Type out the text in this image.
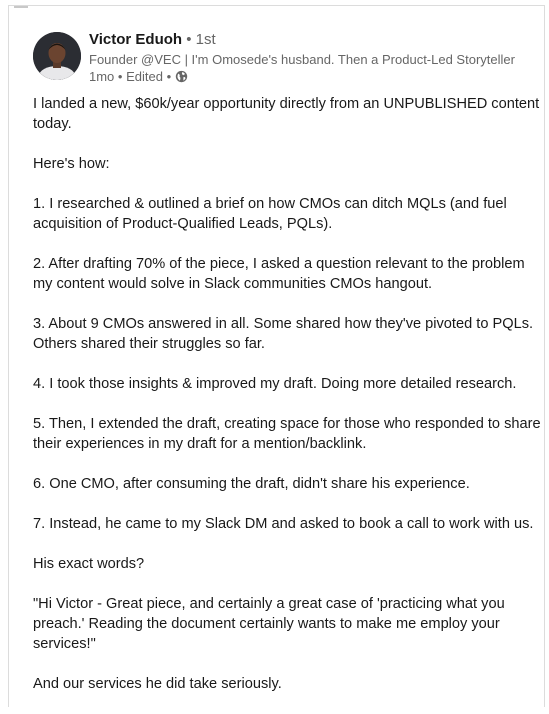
Victor Eduoh • 1st
Founder @VEC | I'm Omosede's husband. Then a Product-Led Storyteller
1mo • Edited •

I landed a new, $60k/year opportunity directly from an UNPUBLISHED content
today.

Here's how:

1. I researched & outlined a brief on how CMOs can ditch MQLs (and fuel
acquisition of Product-Qualified Leads, PQLs).

2. After drafting 70% of the piece, I asked a question relevant to the problem
my content would solve in Slack communities CMOs hangout.

3. About 9 CMOs answered in all. Some shared how they've pivoted to PQLs.
Others shared their struggles so far.

4. I took those insights & improved my draft. Doing more detailed research.

5. Then, I extended the draft, creating space for those who responded to share
their experiences in my draft for a mention/backlink.

6. One CMO, after consuming the draft, didn't share his experience.

7. Instead, he came to my Slack DM and asked to book a call to work with us.

His exact words?

"Hi Victor - Great piece, and certainly a great case of 'practicing what you
preach.' Reading the document certainly wants to make me employ your
services!"

And our services he did take seriously.
